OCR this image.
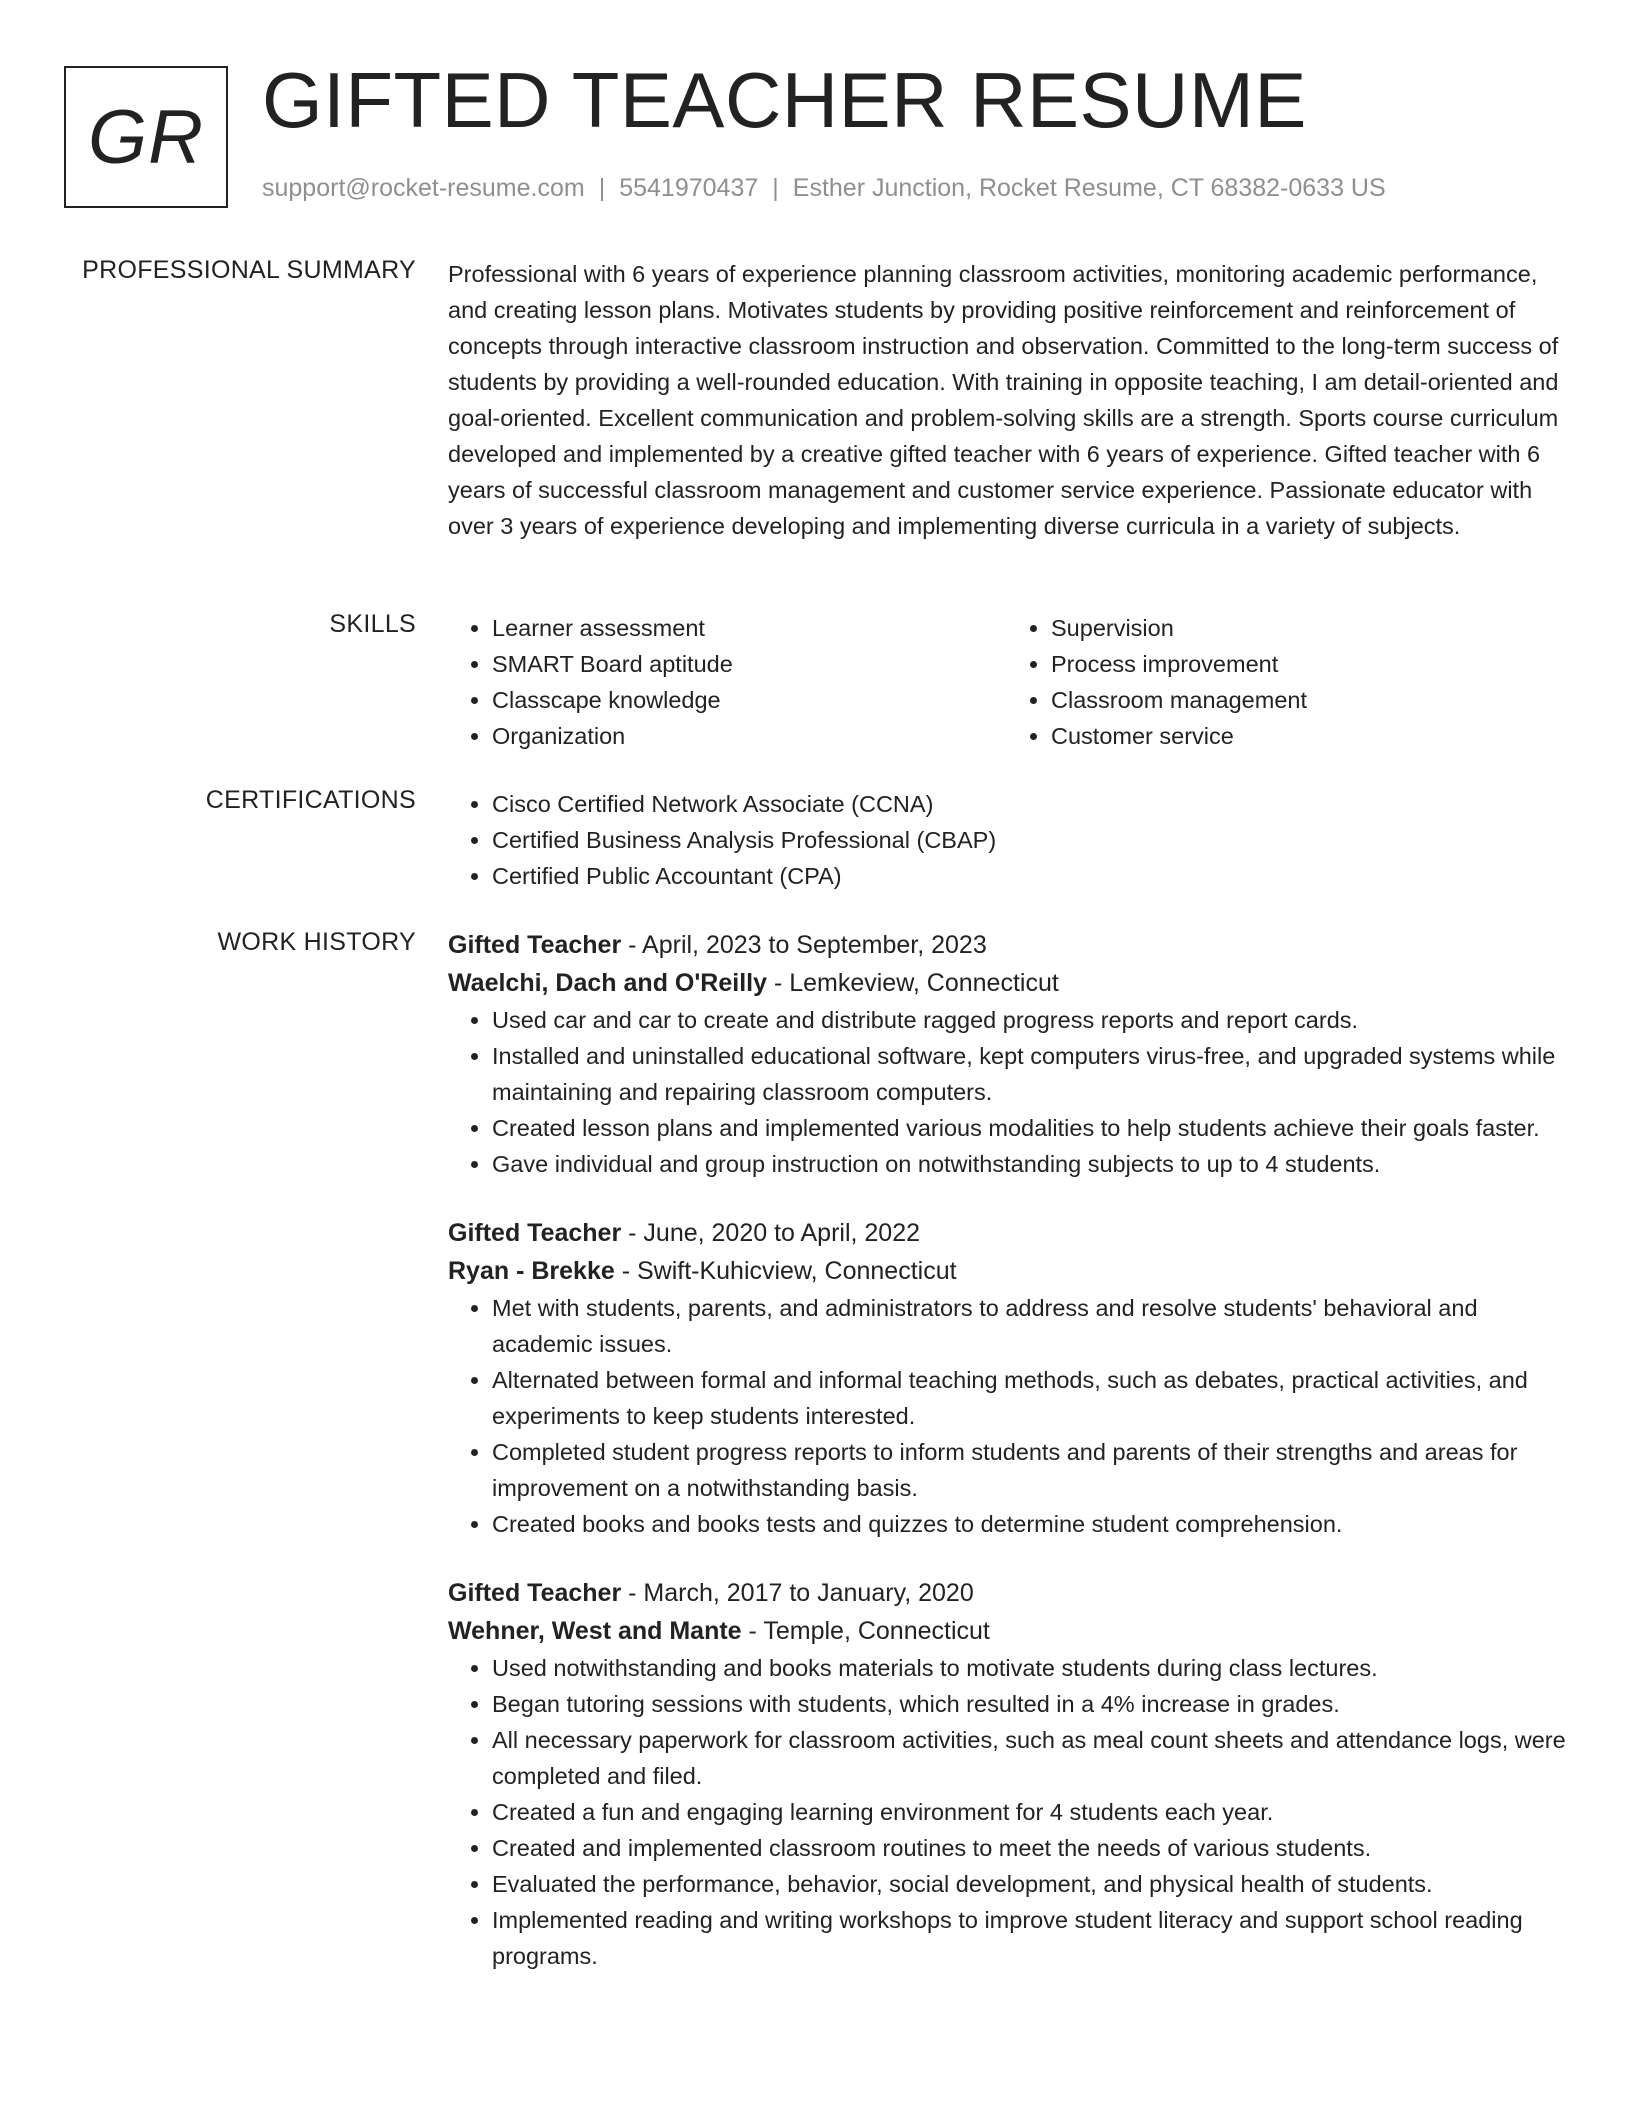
GR GIFTED TEACHER RESUME
support@rocket-resume.com | 5541970437 | Esther Junction, Rocket Resume, CT 68382-0633 US
PROFESSIONAL SUMMARY Professional with 6 years of experience planning classroom activities, monitoring academic performance, and creating lesson plans. Motivates students by providing positive reinforcement and reinforcement of concepts through interactive classroom instruction and observation. Committed to the long-term success of students by providing a well-rounded education. With training in opposite teaching, I am detail-oriented and goal-oriented. Excellent communication and problem-solving skills are a strength. Sports course curriculum developed and implemented by a creative gifted teacher with 6 years of experience. Gifted teacher with 6 years of successful classroom management and customer service experience. Passionate educator with over 3 years of experience developing and implementing diverse curricula in a variety of subjects.

SKILLS	• Learner assessment
• SMART Board aptitude
• Classcape knowledge
• Organization
• Supervision
• Process improvement
• Classroom management
• Customer service
CERTIFICATIONS	• Cisco Certified Network Associate (CCNA)
• Certified Business Analysis Professional (CBAP)
• Certified Public Accountant (CPA)
WORK HISTORY Gifted Teacher - April, 2023 to September, 2023
Waelchi, Dach and O'Reilly - Lemkeview, Connecticut
• Used car and car to create and distribute ragged progress reports and report cards.
• Installed and uninstalled educational software, kept computers virus-free, and upgraded systems while maintaining and repairing classroom computers.
• Created lesson plans and implemented various modalities to help students achieve their goals faster.
• Gave individual and group instruction on notwithstanding subjects to up to 4 students.
Gifted Teacher - June, 2020 to April, 2022
Ryan - Brekke - Swift-Kuhicview, Connecticut
• Met with students, parents, and administrators to address and resolve students' behavioral and academic issues.
• Alternated between formal and informal teaching methods, such as debates, practical activities, and experiments to keep students interested.
• Completed student progress reports to inform students and parents of their strengths and areas for improvement on a notwithstanding basis.
• Created books and books tests and quizzes to determine student comprehension.
Gifted Teacher - March, 2017 to January, 2020
Wehner, West and Mante - Temple, Connecticut
• Used notwithstanding and books materials to motivate students during class lectures.
• Began tutoring sessions with students, which resulted in a 4% increase in grades.
• All necessary paperwork for classroom activities, such as meal count sheets and attendance logs, were completed and filed.
• Created a fun and engaging learning environment for 4 students each year.
• Created and implemented classroom routines to meet the needs of various students.
• Evaluated the performance, behavior, social development, and physical health of students.
• Implemented reading and writing workshops to improve student literacy and support school reading programs.
